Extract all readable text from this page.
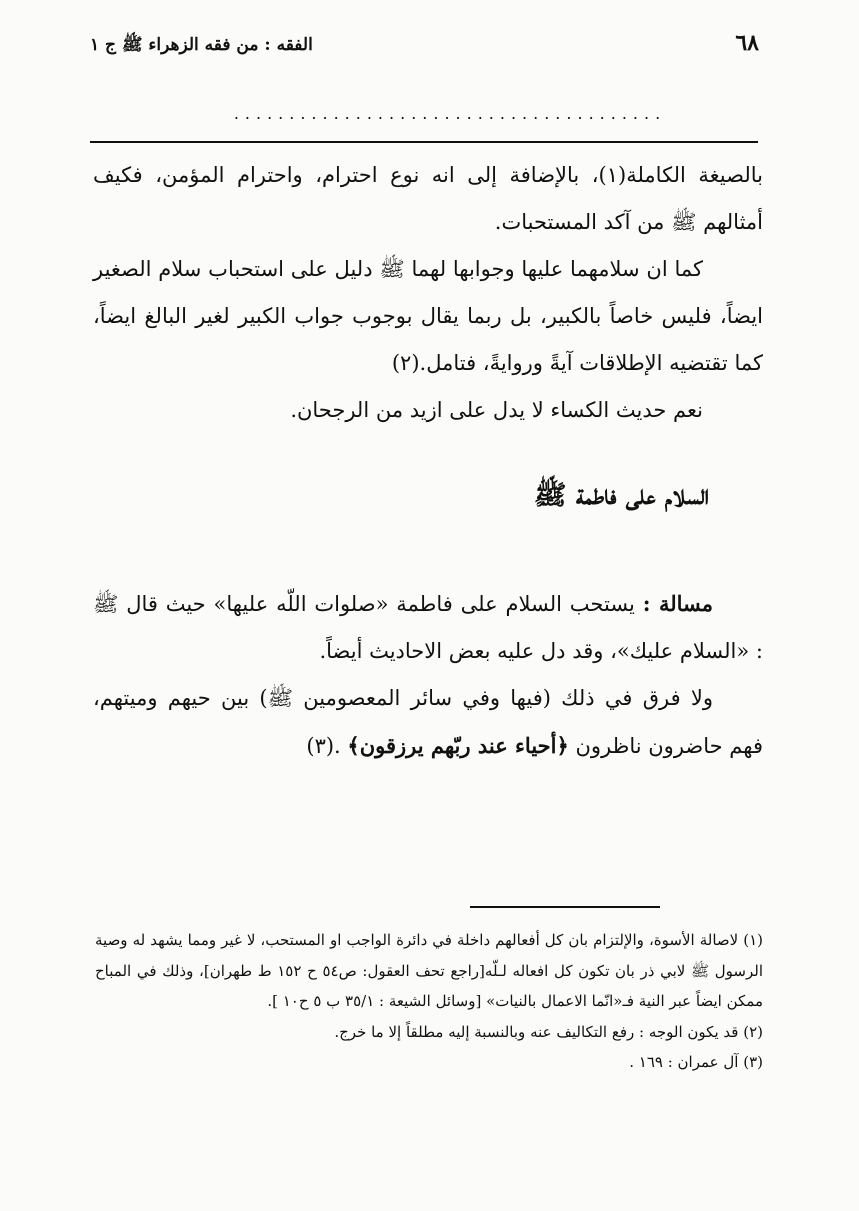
٦٨
الفقه : من فقه الزهراء ﷺ ج ١
.......................................

بالصيغة الكاملة(١)، بالإضافة إلى انه نوع احترام، واحترام المؤمن، فكيف أمثالهم ﷺ من آكد المستحبات.

كما ان سلامهما عليها وجوابها لهما ﷺ دليل على استحباب سلام الصغير ايضاً، فليس خاصاً بالكبير، بل ربما يقال بوجوب جواب الكبير لغير البالغ ايضاً، كما تقتضيه الإطلاقات آيةً وروايةً، فتامل.(٢)

نعم حديث الكساء لا يدل على ازيد من الرجحان.

السلام على فاطمة ﷺ

مسالة : يستحب السلام على فاطمة «صلوات اللّه عليها» حيث قال ﷺ : «السلام عليك»، وقد دل عليه بعض الاحاديث أيضاً.

ولا فرق في ذلك (فيها وفي سائر المعصومين ﷺ) بين حيهم وميتهم، فهم حاضرون ناظرون ﴿أحياء عند ربّهم يرزقون﴾ .(٣)

(١) لاصالة الأسوة، والإلتزام بان كل أفعالهم داخلة في دائرة الواجب او المستحب، لا غير ومما يشهد له وصية الرسول ﷺ لابي ذر بان تكون كل افعاله لـلّه[راجع تحف العقول: ص٥٤ ح ١٥٢ ط طهران]، وذلك في المباح ممكن ايضاً عبر النية فـ«انّما الاعمال بالنيات» [وسائل الشيعة : ٣٥/١ ب ٥ ح١٠ ].

(٢) قد يكون الوجه : رفع التكاليف عنه وبالنسبة إليه مطلقاً إلا ما خرج.

(٣) آل عمران : ١٦٩ .
